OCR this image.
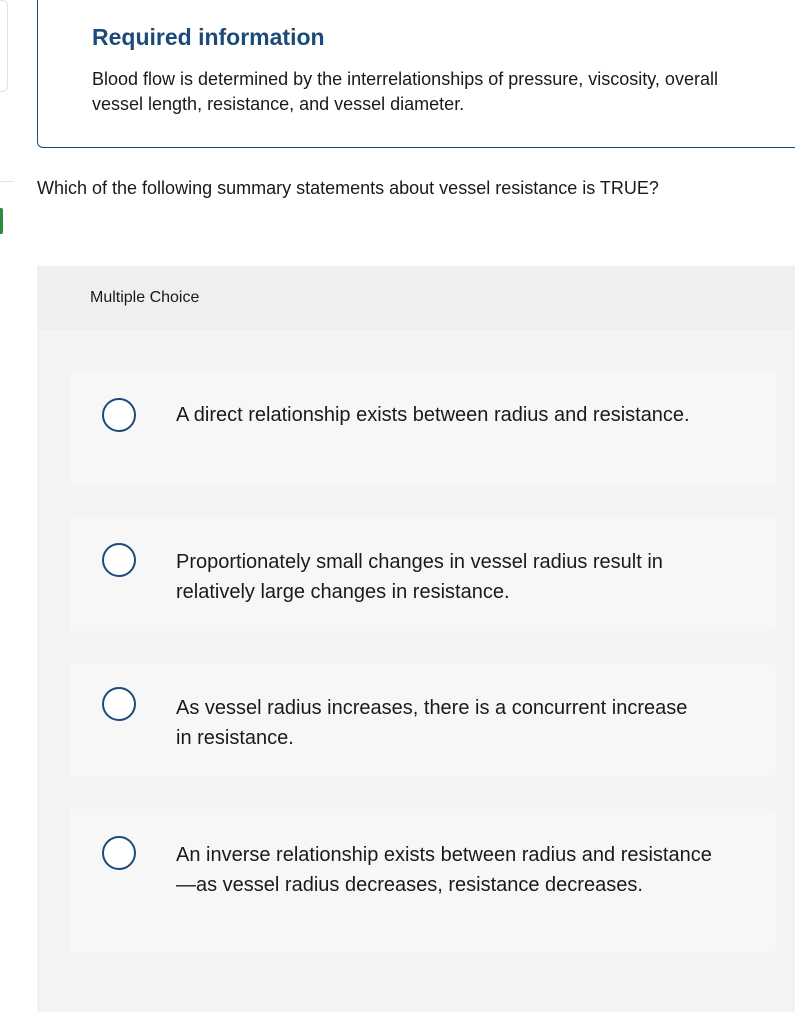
Required information

Blood flow is determined by the interrelationships of pressure, viscosity, overall vessel length, resistance, and vessel diameter.

Which of the following summary statements about vessel resistance is TRUE?

Multiple Choice

A direct relationship exists between radius and resistance.

Proportionately small changes in vessel radius result in relatively large changes in resistance.

As vessel radius increases, there is a concurrent increase in resistance.

An inverse relationship exists between radius and resistance—as vessel radius decreases, resistance decreases.
